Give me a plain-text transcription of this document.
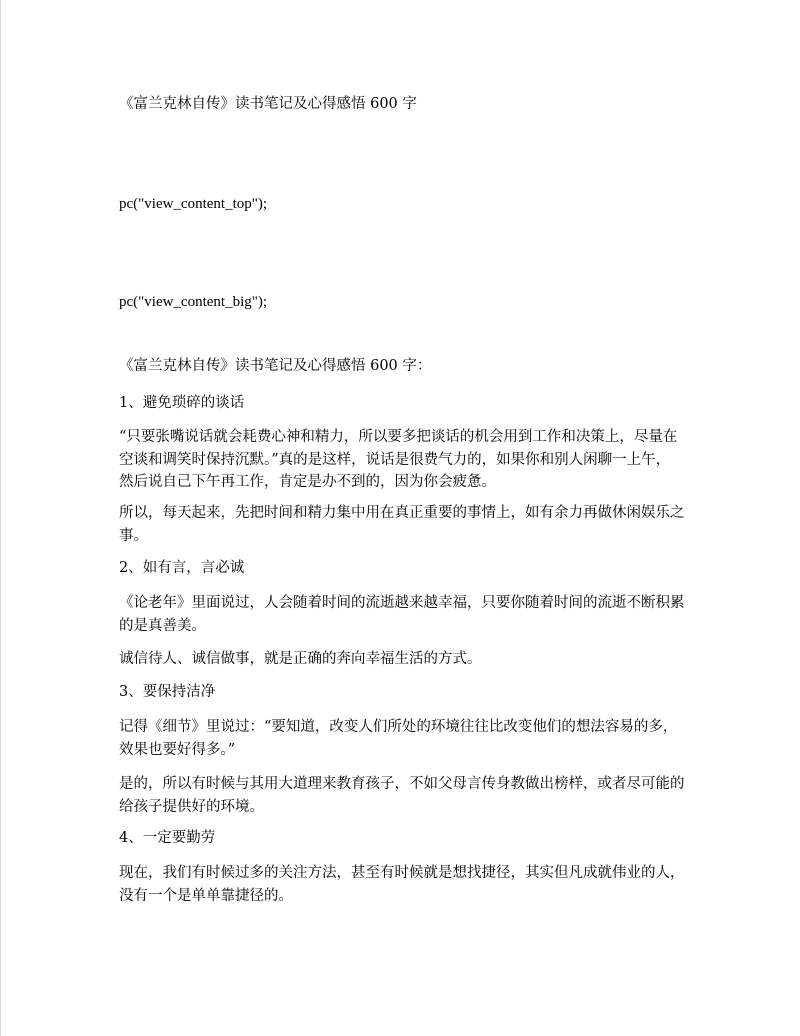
《富兰克林自传》读书笔记及心得感悟 600 字

pc("view_content_top");

pc("view_content_big");

《富兰克林自传》读书笔记及心得感悟 600 字：

1、避免琐碎的谈话

“只要张嘴说话就会耗费心神和精力，所以要多把谈话的机会用到工作和决策上，尽量在
空谈和调笑时保持沉默。”真的是这样，说话是很费气力的，如果你和别人闲聊一上午，
然后说自己下午再工作，肯定是办不到的，因为你会疲惫。

所以，每天起来，先把时间和精力集中用在真正重要的事情上，如有余力再做休闲娱乐之
事。

2、如有言，言必诚

《论老年》里面说过，人会随着时间的流逝越来越幸福，只要你随着时间的流逝不断积累
的是真善美。

诚信待人、诚信做事，就是正确的奔向幸福生活的方式。

3、要保持洁净

记得《细节》里说过：“要知道，改变人们所处的环境往往比改变他们的想法容易的多，
效果也要好得多。”

是的，所以有时候与其用大道理来教育孩子，不如父母言传身教做出榜样，或者尽可能的
给孩子提供好的环境。

4、一定要勤劳

现在，我们有时候过多的关注方法，甚至有时候就是想找捷径，其实但凡成就伟业的人，
没有一个是单单靠捷径的。
